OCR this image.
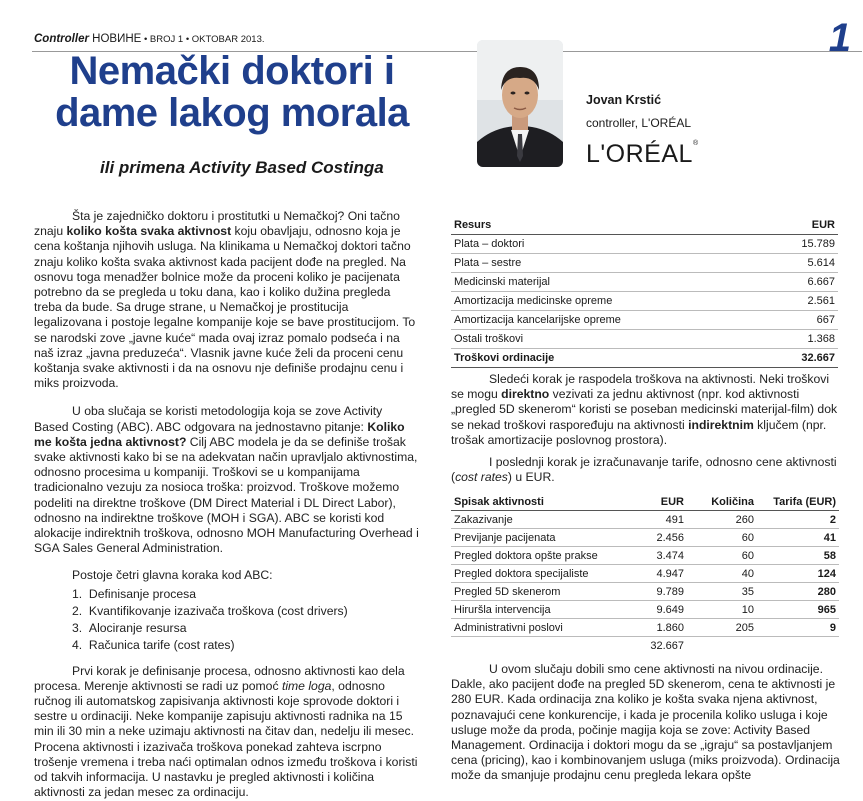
Controller НОВИНЕ • BROJ 1 • OKTOBAR 2013.	1
Nemački doktori i dame lakog morala
ili primena Activity Based Costinga
Jovan Krstić
controller, L'ORÉAL
L'ORÉAL®

Šta je zajedničko doktoru i prostitutki u Nemačkoj? Oni tačno znaju koliko košta svaka aktivnost koju obavljaju, odnosno koja je cena koštanja njihovih usluga. Na klinikama u Nemačkoj doktori tačno znaju koliko košta svaka aktivnost kada pacijent dođe na pregled. Na osnovu toga menadžer bolnice može da proceni koliko je pacijenata potrebno da se pregleda u toku dana, kao i koliko dužina pregleda treba da bude. Sa druge strane, u Nemačkoj je prostitucija legalizovana i postoje legalne kompanije koje se bave prostitucijom. To se narodski zove „javne kuće“ mada ovaj izraz pomalo podseća i na naš izraz „javna preduzeća“. Vlasnik javne kuće želi da proceni cenu koštanja svake aktivnosti i da na osnovu nje definiše prodajnu cenu i miks proizvoda.

U oba slučaja se koristi metodologija koja se zove Activity Based Costing (ABC). ABC odgovara na jednostavno pitanje: Koliko me košta jedna aktivnost? Cilj ABC modela je da se definiše trošak svake aktivnosti kako bi se na adekvatan način upravljalo aktivnostima, odnosno procesima u kompaniji. Troškovi se u kompanijama tradicionalno vezuju za nosioca troška: proizvod. Troškove možemo podeliti na direktne troškove (DM Direct Material i DL Direct Labor), odnosno na indirektne troškove (MOH i SGA). ABC se koristi kod alokacije indirektnih troškova, odnosno MOH Manufacturing Overhead i SGA Sales General Administration.

Postoje četri glavna koraka kod ABC:

1.  Definisanje procesa
2.  Kvantifikovanje izazivača troškova (cost drivers)
3.  Alociranje resursa
4.  Računica tarife (cost rates)

Prvi korak je definisanje procesa, odnosno aktivnosti kao dela procesa. Merenje aktivnosti se radi uz pomoć time loga, odnosno ručnog ili automatskog zapisivanja aktivnosti koje sprovode doktori i sestre u ordinaciji. Neke kompanije zapisuju aktivnosti radnika na 15 min ili 30 min a neke uzimaju aktivnosti na čitav dan, nedelju ili mesec. Procena aktivnosti i izazivača troškova ponekad zahteva iscrpno trošenje vremena i treba naći optimalan odnos između troškova i koristi od takvih informacija. U nastavku je pregled aktivnosti i količina aktivnosti za jedan mesec za ordinaciju.

Resurs	EUR
Plata – doktori	15.789
Plata – sestre	5.614
Medicinski materijal	6.667
Amortizacija medicinske opreme	2.561
Amortizacija kancelarijske opreme	667
Ostali troškovi	1.368
Troškovi ordinacije	32.667

Sledeći korak je raspodela troškova na aktivnosti. Neki troškovi se mogu direktno vezivati za jednu aktivnost (npr. kod aktivnosti „pregled 5D skenerom“ koristi se poseban medicinski materijal-film) dok se nekad troškovi raspoređuju na aktivnosti indirektnim ključem (npr. trošak amortizacije poslovnog prostora).

I poslednji korak je izračunavanje tarife, odnosno cene aktivnosti (cost rates) u EUR.

Spisak aktivnosti	EUR	Količina	Tarifa (EUR)
Zakazivanje	491	260	2
Previjanje pacijenata	2.456	60	41
Pregled doktora opšte prakse	3.474	60	58
Pregled doktora specijaliste	4.947	40	124
Pregled 5D skenerom	9.789	35	280
Hiruršla intervencija	9.649	10	965
Administrativni poslovi	1.860	205	9
	32.667		

U ovom slučaju dobili smo cene aktivnosti na nivou ordinacije. Dakle, ako pacijent dođe na pregled 5D skenerom, cena te aktivnosti je 280 EUR. Kada ordinacija zna koliko je košta svaka njena aktivnost, poznavajući cene konkurencije, i kada je procenila koliko usluga i koje usluge može da proda, počinje magija koja se zove: Activity Based Management. Ordinacija i doktori mogu da se „igraju“ sa postavljanjem cena (pricing), kao i kombinovanjem usluga (miks proizvoda). Ordinacija može da smanjuje prodajnu cenu pregleda lekara opšte
